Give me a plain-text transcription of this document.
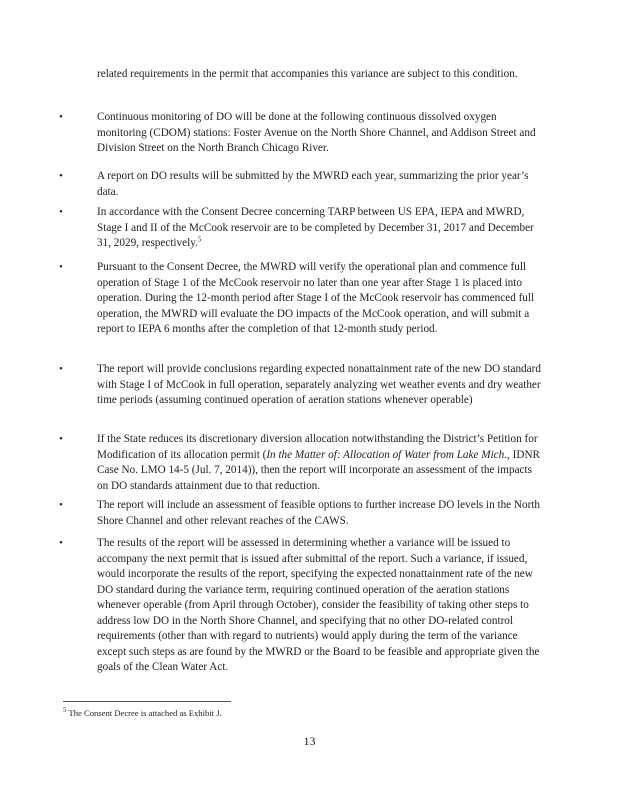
related requirements in the permit that accompanies this variance are subject to this condition.

•	Continuous monitoring of DO will be done at the following continuous dissolved oxygen monitoring (CDOM) stations: Foster Avenue on the North Shore Channel, and Addison Street and Division Street on the North Branch Chicago River.

•	A report on DO results will be submitted by the MWRD each year, summarizing the prior year’s data.

•	In accordance with the Consent Decree concerning TARP between US EPA, IEPA and MWRD, Stage I and II of the McCook reservoir are to be completed by December 31, 2017 and December 31, 2029, respectively.$^5$

•	Pursuant to the Consent Decree, the MWRD will verify the operational plan and commence full operation of Stage 1 of the McCook reservoir no later than one year after Stage 1 is placed into operation. During the 12-month period after Stage I of the McCook reservoir has commenced full operation, the MWRD will evaluate the DO impacts of the McCook operation, and will submit a report to IEPA 6 months after the completion of that 12-month study period.

•	The report will provide conclusions regarding expected nonattainment rate of the new DO standard with Stage I of McCook in full operation, separately analyzing wet weather events and dry weather time periods (assuming continued operation of aeration stations whenever operable)

•	If the State reduces its discretionary diversion allocation notwithstanding the District’s Petition for Modification of its allocation permit (In the Matter of: Allocation of Water from Lake Mich., IDNR Case No. LMO 14-5 (Jul. 7, 2014)), then the report will incorporate an assessment of the impacts on DO standards attainment due to that reduction.

•	The report will include an assessment of feasible options to further increase DO levels in the North Shore Channel and other relevant reaches of the CAWS.

•	The results of the report will be assessed in determining whether a variance will be issued to accompany the next permit that is issued after submittal of the report. Such a variance, if issued, would incorporate the results of the report, specifying the expected nonattainment rate of the new DO standard during the variance term, requiring continued operation of the aeration stations whenever operable (from April through October), consider the feasibility of taking other steps to address low DO in the North Shore Channel, and specifying that no other DO-related control requirements (other than with regard to nutrients) would apply during the term of the variance except such steps as are found by the MWRD or the Board to be feasible and appropriate given the goals of the Clean Water Act.

$^5$ The Consent Decree is attached as Exhibit J.

13
